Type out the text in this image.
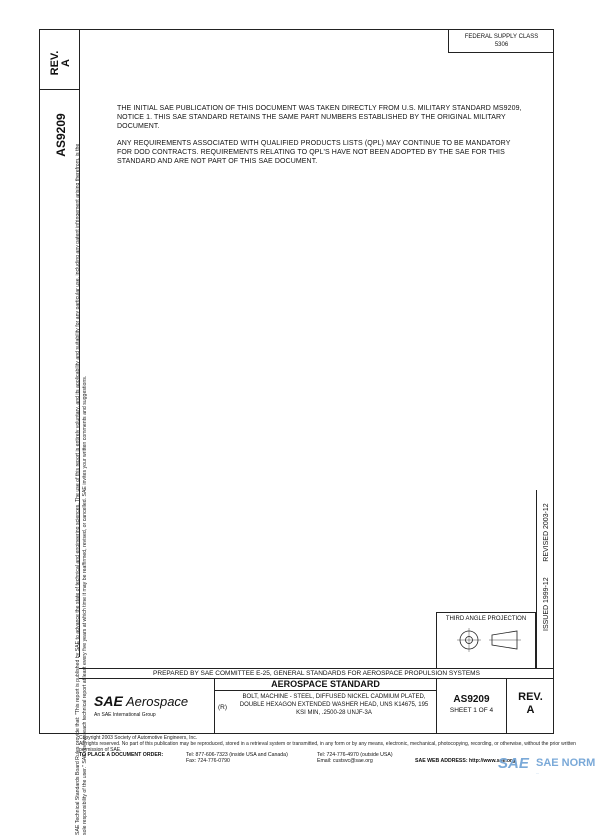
REV. A
AS9209
FEDERAL SUPPLY CLASS
5306

THE INITIAL SAE PUBLICATION OF THIS DOCUMENT WAS TAKEN DIRECTLY FROM U.S. MILITARY STANDARD MS9209, NOTICE 1. THIS SAE STANDARD RETAINS THE SAME PART NUMBERS ESTABLISHED BY THE ORIGINAL MILITARY DOCUMENT.

ANY REQUIREMENTS ASSOCIATED WITH QUALIFIED PRODUCTS LISTS (QPL) MAY CONTINUE TO BE MANDATORY FOR DOD CONTRACTS. REQUIREMENTS RELATING TO QPL'S HAVE NOT BEEN ADOPTED BY THE SAE FOR THIS STANDARD AND ARE NOT PART OF THIS SAE DOCUMENT.

SAE Technical Standards Board Rules provide that: "This report is published by SAE to advance the state of technical and engineering sciences. The use of this report is entirely voluntary, and its applicability and suitability for any particular use, including any patent infringement arising therefrom, is the sole responsibility of the user." SAE reviews each technical report at least every five years at which time it may be reaffirmed, revised, or cancelled. SAE invites your written comments and suggestions.	ISSUED 1999-12        REVISED 2003-12
THIRD ANGLE PROJECTION
PREPARED BY SAE COMMITTEE E-25, GENERAL STANDARDS FOR AEROSPACE PROPULSION SYSTEMS
SAE Aerospace
An SAE International Group
AEROSPACE STANDARD
(R)
BOLT, MACHINE - STEEL, DIFFUSED NICKEL CADMIUM PLATED, DOUBLE HEXAGON EXTENDED WASHER HEAD, UNS K14675, 195 KSI MIN, .2500-28 UNJF-3A
AS9209
SHEET 1 OF 4
REV.
A
Copyright 2003 Society of Automotive Engineers, Inc.
All rights reserved. No part of this publication may be reproduced, stored in a retrieval system or transmitted, in any form or by any means, electronic, mechanical, photocopying, recording, or otherwise, without the prior written permission of SAE.
TO PLACE A DOCUMENT ORDER:	Tel: 877-606-7323 (inside USA and Canada)
Fax: 724-776-0790
Tel: 724-776-4970 (outside USA)
Email: custsvc@sae.org	SAE WEB ADDRESS: http://www.sae.org
SAE SAE NORM
...
